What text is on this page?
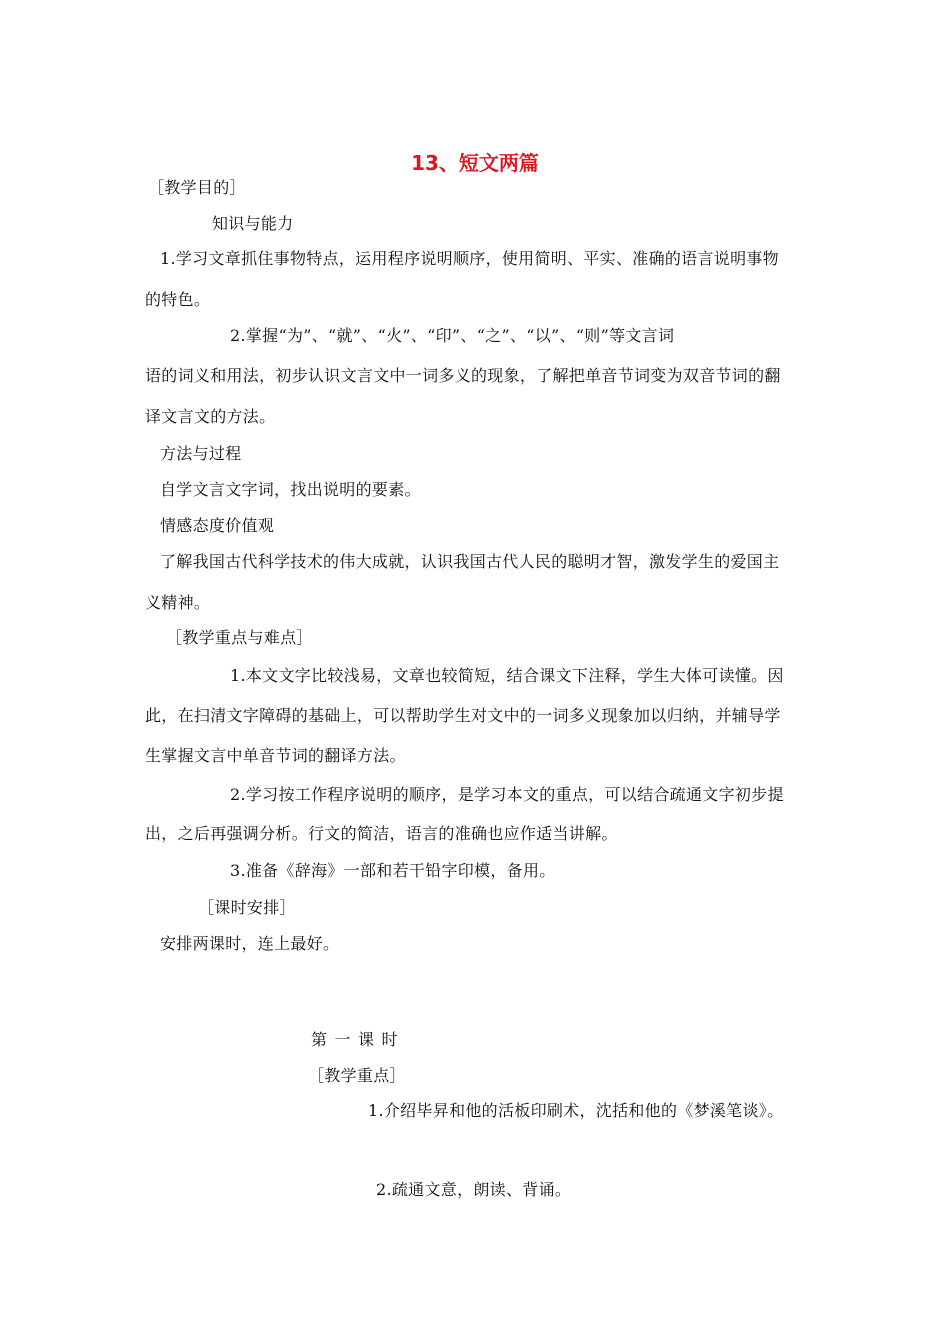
13、短文两篇
［教学目的］
知识与能力
1.学习文章抓住事物特点，运用程序说明顺序，使用简明、平实、准确的语言说明事物
的特色。
2.掌握“为”、“就”、“火”、“印”、“之”、“以”、“则”等文言词
语的词义和用法，初步认识文言文中一词多义的现象，了解把单音节词变为双音节词的翻
译文言文的方法。
方法与过程
自学文言文字词，找出说明的要素。
情感态度价值观
了解我国古代科学技术的伟大成就，认识我国古代人民的聪明才智，激发学生的爱国主
义精神。
［教学重点与难点］
1.本文文字比较浅易，文章也较简短，结合课文下注释，学生大体可读懂。因
此，在扫清文字障碍的基础上，可以帮助学生对文中的一词多义现象加以归纳，并辅导学
生掌握文言中单音节词的翻译方法。
2.学习按工作程序说明的顺序，是学习本文的重点，可以结合疏通文字初步提
出，之后再强调分析。行文的简洁，语言的准确也应作适当讲解。
3.准备《辞海》一部和若干铅字印模，备用。
［课时安排］
安排两课时，连上最好。
第 一 课 时
［教学重点］
1.介绍毕昇和他的活板印刷术，沈括和他的《梦溪笔谈》。
2.疏通文意，朗读、背诵。
